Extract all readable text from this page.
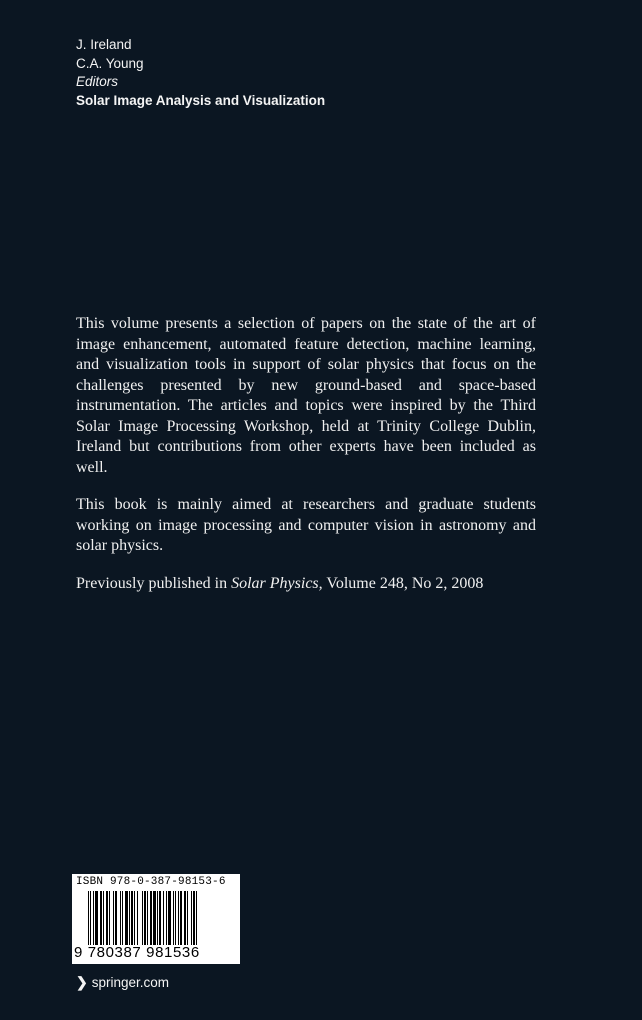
J. Ireland
C.A. Young
Editors
Solar Image Analysis and Visualization

This volume presents a selection of papers on the state of the art of image enhancement, automated feature detection, machine learning, and visualization tools in support of solar physics that focus on the challenges presented by new ground-based and space-based instrumentation. The articles and topics were inspired by the Third Solar Image Processing Workshop, held at Trinity College Dublin, Ireland but contributions from other experts have been included as well.

This book is mainly aimed at researchers and graduate students working on image processing and computer vision in astronomy and solar physics.

Previously published in Solar Physics, Volume 248, No 2, 2008

ISBN 978-0-387-98153-6
9 780387 981536
❯ springer.com
